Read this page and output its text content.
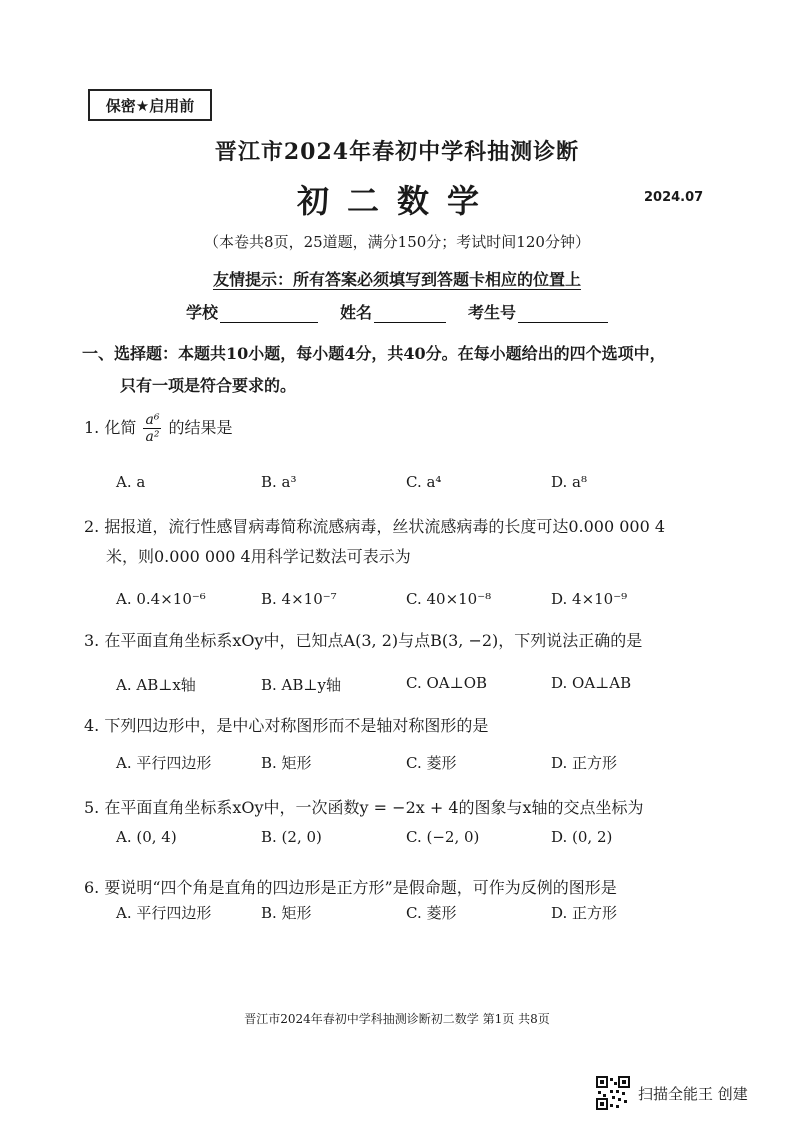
保密★启用前
晋江市2024年春初中学科抽测诊断
初二数学	2024.07
（本卷共8页，25道题，满分150分；考试时间120分钟）
友情提示：所有答案必须填写到答题卡相应的位置上
学校	姓名	考生号
一、选择题：本题共10小题，每小题4分，共40分。在每小题给出的四个选项中，
只有一项是符合要求的。
1. 化简 $\frac{\text{a⁶}}{\text{a²}}$ 的结果是
A. a	B. a³	C. a⁴	D. a⁸
2. 据报道，流行性感冒病毒简称流感病毒，丝状流感病毒的长度可达0.000 000 4
米，则0.000 000 4用科学记数法可表示为
A. 0.4×10⁻⁶	B. 4×10⁻⁷	C. 40×10⁻⁸	D. 4×10⁻⁹
3. 在平面直角坐标系xOy中，已知点A(3, 2)与点B(3, −2)，下列说法正确的是
A. AB⊥x轴	B. AB⊥y轴	C. OA⊥OB	D. OA⊥AB
4. 下列四边形中，是中心对称图形而不是轴对称图形的是
A. 平行四边形	B. 矩形	C. 菱形	D. 正方形
5. 在平面直角坐标系xOy中，一次函数y = −2x + 4的图象与x轴的交点坐标为
A. (0, 4)	B. (2, 0)	C. (−2, 0)	D. (0, 2)
6. 要说明“四个角是直角的四边形是正方形”是假命题，可作为反例的图形是
A. 平行四边形	B. 矩形	C. 菱形	D. 正方形
晋江市2024年春初中学科抽测诊断初二数学 第1页 共8页
扫描全能王 创建
